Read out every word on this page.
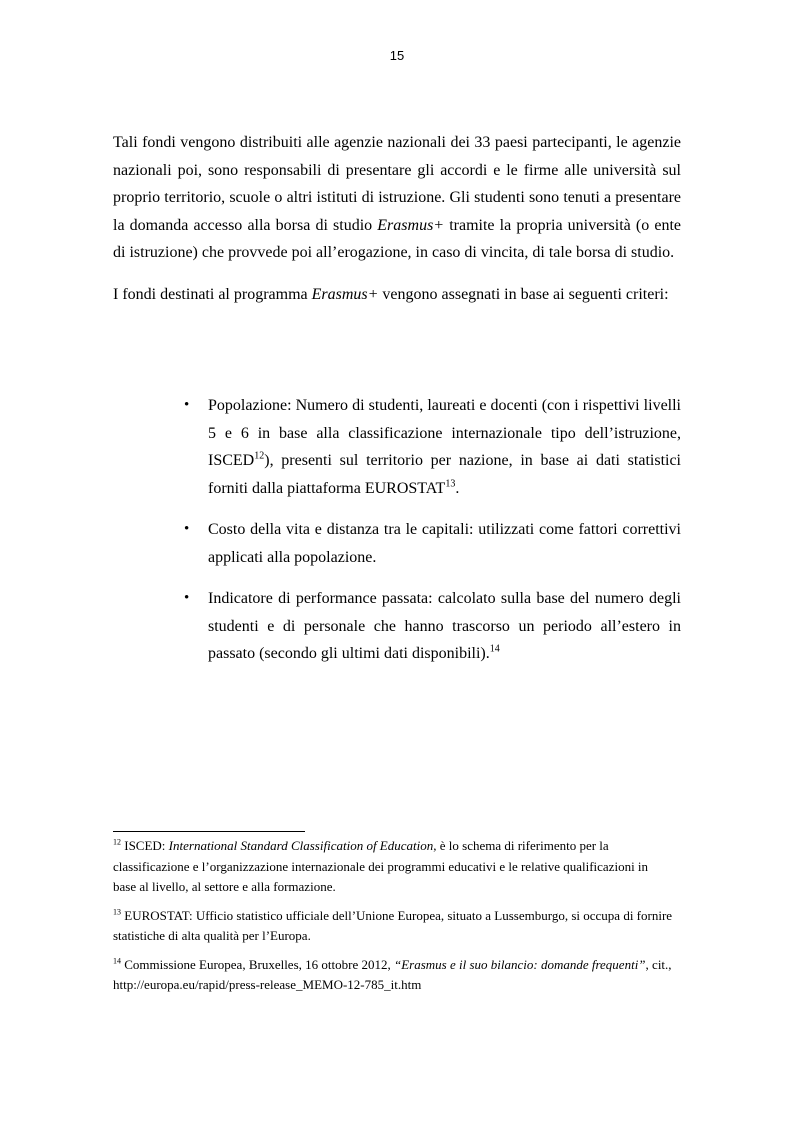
15

Tali fondi vengono distribuiti alle agenzie nazionali dei 33 paesi partecipanti, le agenzie nazionali poi, sono responsabili di presentare gli accordi e le firme alle università sul proprio territorio, scuole o altri istituti di istruzione. Gli studenti sono tenuti a presentare la domanda accesso alla borsa di studio Erasmus+ tramite la propria università (o ente di istruzione) che provvede poi all’erogazione, in caso di vincita, di tale borsa di studio.

I fondi destinati al programma Erasmus+ vengono assegnati in base ai seguenti criteri:

• Popolazione: Numero di studenti, laureati e docenti (con i rispettivi livelli 5 e 6 in base alla classificazione internazionale tipo dell’istruzione, ISCED$^{12}$), presenti sul territorio per nazione, in base ai dati statistici forniti dalla piattaforma EUROSTAT$^{13}$.
• Costo della vita e distanza tra le capitali: utilizzati come fattori correttivi applicati alla popolazione.
• Indicatore di performance passata: calcolato sulla base del numero degli studenti e di personale che hanno trascorso un periodo all’estero in passato (secondo gli ultimi dati disponibili).$^{14}$

$^{12}$ ISCED: International Standard Classification of Education, è lo schema di riferimento per la classificazione e l’organizzazione internazionale dei programmi educativi e le relative qualificazioni in base al livello, al settore e alla formazione.

$^{13}$ EUROSTAT: Ufficio statistico ufficiale dell’Unione Europea, situato a Lussemburgo, si occupa di fornire statistiche di alta qualità per l’Europa.

$^{14}$ Commissione Europea, Bruxelles, 16 ottobre 2012, “Erasmus e il suo bilancio: domande frequenti”, cit., http://europa.eu/rapid/press-release_MEMO-12-785_it.htm
